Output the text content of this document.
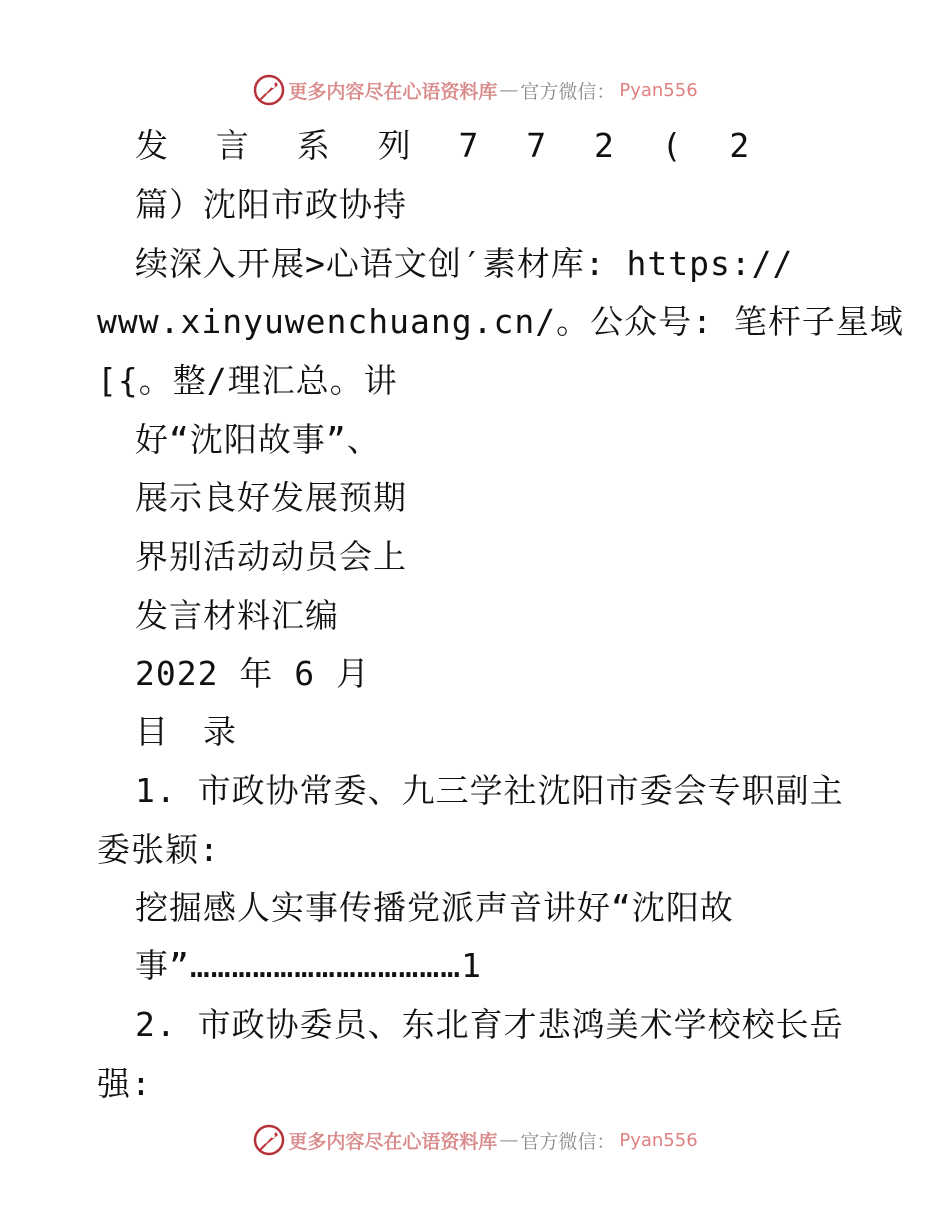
更多内容尽在心语资料库 — 官方微信： Pyan556
发 言 系 列 7 7 2 ( 2
篇）沈阳市政协持
续深入开展>心语文创′素材库: https://
www.xinyuwenchuang.cn/。公众号: 笔杆子星域
[{。整/理汇总。讲
好“沈阳故事”、
展示良好发展预期
界别活动动员会上
发言材料汇编
2022 年 6 月
目　录
1. 市政协常委、九三学社沈阳市委会专职副主
委张颖:
挖掘感人实事传播党派声音讲好“沈阳故
事”…………………………………1
2. 市政协委员、东北育才悲鸿美术学校校长岳
强:
更多内容尽在心语资料库 — 官方微信： Pyan556
